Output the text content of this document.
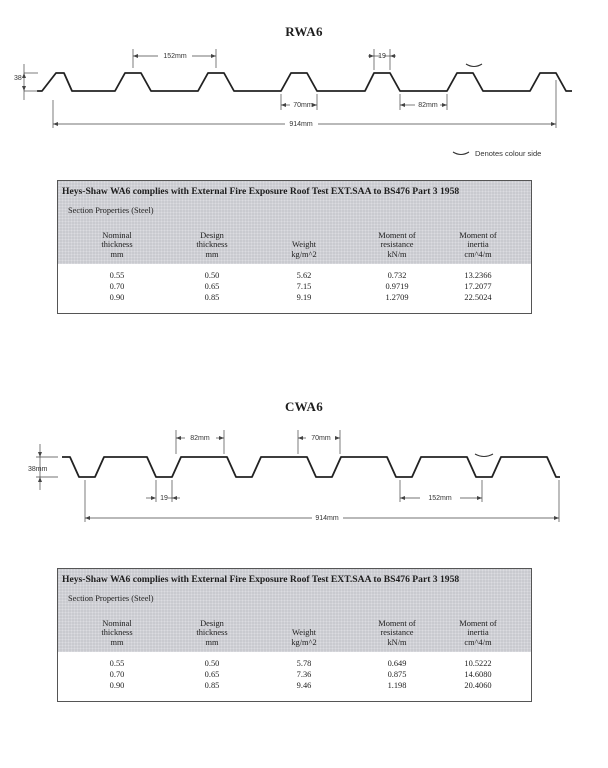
RWA6
38
152mm	19
70mm	82mm
914mm
Denotes colour side
Heys-Shaw WA6 complies with External Fire Exposure Roof Test EXT.SAA to BS476 Part 3 1958
Section Properties (Steel)
Nominal
thickness
mm
Design
thickness
mm
Weight
kg/m^2
Moment of
resistance
kN/m
Moment of
inertia
cm^4/m
0.55	0.50	5.62	0.732	13.2366
0.70	0.65	7.15	0.9719	17.2077
0.90	0.85	9.19	1.2709	22.5024
CWA6
38mm
82mm	70mm
19	152mm
914mm
Heys-Shaw WA6 complies with External Fire Exposure Roof Test EXT.SAA to BS476 Part 3 1958
Section Properties (Steel)
Nominal
thickness
mm
Design
thickness
mm
Weight
kg/m^2
Moment of
resistance
kN/m
Moment of
inertia
cm^4/m
0.55	0.50	5.78	0.649	10.5222
0.70	0.65	7.36	0.875	14.6080
0.90	0.85	9.46	1.198	20.4060
